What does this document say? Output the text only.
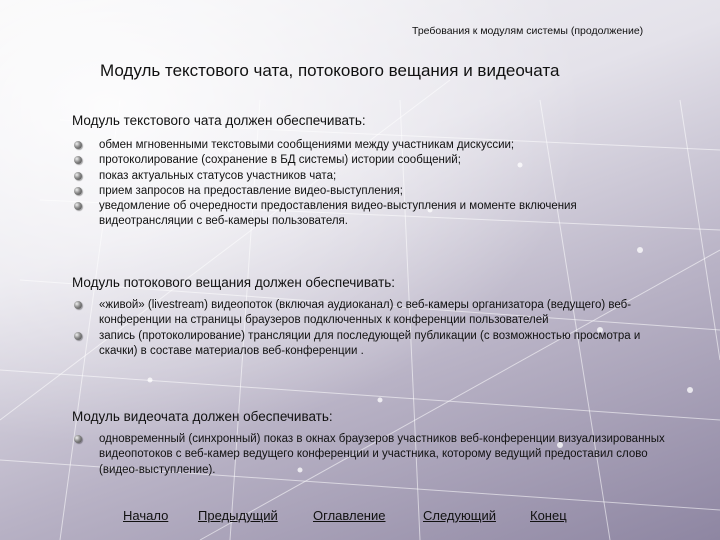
Требования к модулям системы (продолжение)
Модуль текстового чата, потокового вещания и видеочата
Модуль текстового чата должен обеспечивать:
обмен мгновенными текстовыми сообщениями между участникам дискуссии;
протоколирование (сохранение в БД системы) истории сообщений;
показ актуальных статусов участников чата;
прием запросов на предоставление видео-выступления;
уведомление об очередности предоставления видео-выступления и моменте включения видеотрансляции с веб-камеры пользователя.
Модуль потокового вещания должен обеспечивать:
«живой» (livestream) видеопоток (включая аудиоканал) с веб-камеры организатора (ведущего) веб-конференции на страницы браузеров подключенных к конференции пользователей
запись (протоколирование) трансляции для последующей публикации (с возможностью просмотра и скачки) в составе материалов веб-конференции .
Модуль видеочата должен обеспечивать:
одновременный (синхронный) показ в окнах браузеров участников веб-конференции визуализированных видеопотоков с веб-камер ведущего конференции и участника, которому ведущий предоставил слово (видео-выступление).
Начало Предыдущий	Оглавление	Следующий	Конец
